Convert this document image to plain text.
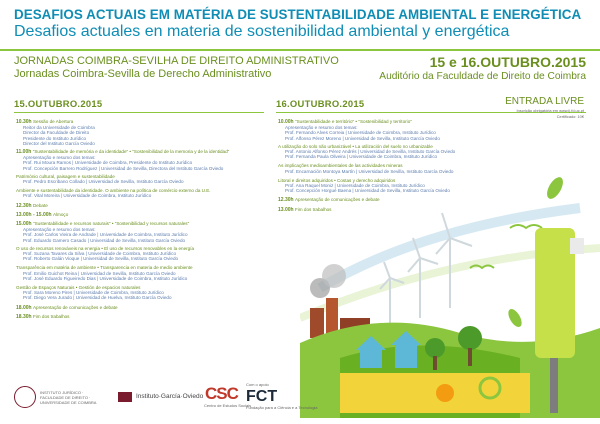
DESAFIOS ACTUAIS EM MATÉRIA DE SUSTENTABILIDADE AMBIENTAL E ENERGÉTICA
Desafios actuales en materia de sostenibilidad ambiental y energética
JORNADAS COIMBRA-SEVILHA DE DIREITO ADMINISTRATIVO
Jornadas Coimbra-Sevilla de Derecho Administrativo
15 e 16.OUTUBRO.2015
Auditório da Faculdade de Direito de Coimbra
15.OUTUBRO.2015
10.30h Sessão de Abertura
Reitor da Universidade de Coimbra
Director da Faculdade de Direito
Presidente do Instituto Jurídico
Director del Instituto García Oviedo
11.00h "Sustentabilidade de memória e da identidade" • "Sostenibilidad de la memoria y de la identidad"
Apresentação e resumo dos temas:
Prof. Rui Moura Ramos | Universidade de Coimbra, Presidente do Instituto Jurídico
Prof. Concepción Barrero Rodríguez | Universidad de Sevilla, Directora del Instituto García Oviedo
Património cultural, paisagem e sustentabilidade
Prof. Pedro Escribano Collado | Universidad de Sevilla, Instituto García Oviedo
Ambiente e sustentabilidade da identidade. O ambiente na política de comércio externo da U.E.
Prof. Vital Moreira | Universidade de Coimbra, Instituto Jurídico
12.30h Debate
13.00h - 15.00h Almoço
15.00h "Sustentabilidade e recursos naturais" • "Sostenibilidad y recursos naturales"
Apresentação e resumo dos temas:
Prof. José Carlos Vieira de Andrade | Universidade de Coimbra, Instituto Jurídico
Prof. Eduardo Gamero Casado | Universidad de Sevilla, Instituto García Oviedo
O uso de recursos renováveis na energia • El uso de recursos renovables en la energía
Prof. Suzana Tavares da Silva | Universidade de Coimbra, Instituto Jurídico
Prof. Roberto Galán Vioque | Universidad de Sevilla, Instituto García Oviedo
Transparência em matéria de ambiente • Transparencia en materia de medio ambiente
Prof. Emilio Guichot Reina | Universidad de Sevilla, Instituto García Oviedo
Prof. José Eduardo Figueiredo Dias | Universidade de Coimbra, Instituto Jurídico
Gestão de Espaços Naturais • Gestión de espacios naturales
Prof. Sara Moreno Pires | Universidade de Coimbra, Instituto Jurídico
Prof. Diego Vera Jurado | Universidad de Huelva, Instituto García Oviedo
18.00h Apresentação de comunicações e debate
18.30h Fim dos trabalhos
16.OUTUBRO.2015
10.00h "Sustentabilidade e território" • "Sostenibilidad y territorio"
Apresentação e resumo dos temas:
Prof. Fernando Alves Correia | Universidade de Coimbra, Instituto Jurídico
Prof. Alfonso Pérez Moreno | Universidad de Sevilla, Instituto García Oviedo
A utilização do solo não urbanizável • La utilización del suelo no urbanizable
Prof. Antonio Alfonso Pérez Andrés | Universidad de Sevilla, Instituto García Oviedo
Prof. Fernanda Paula Oliveira | Universidade de Coimbra, Instituto Jurídico
As implicações medioambientales de las actividades mineras
Prof. Encarnación Montoya Martín | Universidad de Sevilla, Instituto García Oviedo
Litoral e direitos adquiridos • Costas y derecho adquiridos
Prof. Ana Raquel Moniz | Universidade de Coimbra, Instituto Jurídico
Prof. Concepción Horgué Baena | Universidad de Sevilla, Instituto García Oviedo
12.30h Apresentação de comunicações e debate
13.00h Fim dos trabalhos
ENTRADA LIVRE
Inscrição obrigatória em www.ij.fd.uc.pt
Certificado: 10€
INSTITUTO JURÍDICO · FACULDADE DE DIREITO · UNIVERSIDADE DE COIMBRA
Instituto·García·Oviedo CSC
Centro de Estudos Sociais
Com o apoio
FCT
Fundação para a Ciência e a Tecnologia
